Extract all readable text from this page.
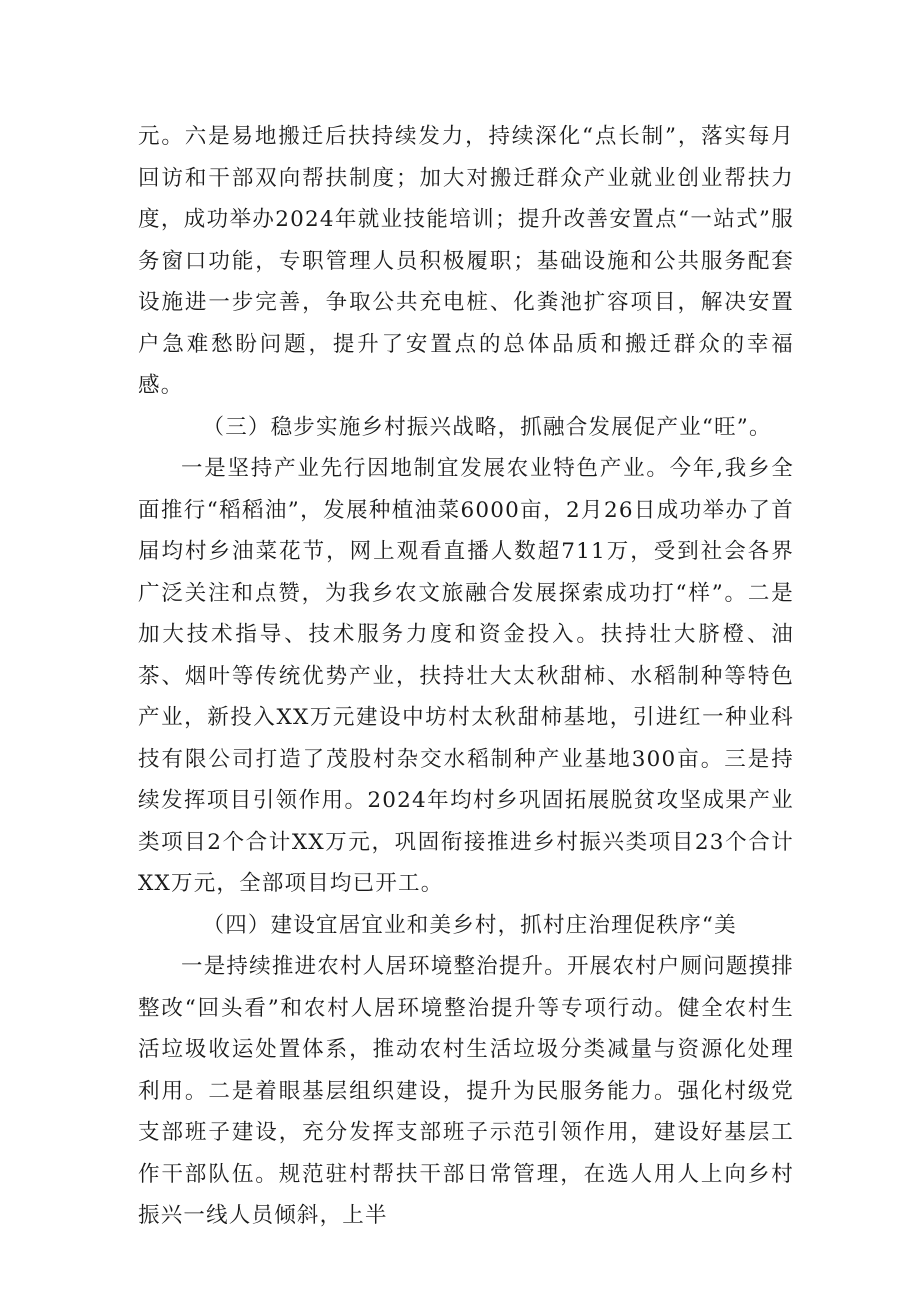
元。六是易地搬迁后扶持续发力，持续深化“点长制”，落实每月回访和干部双向帮扶制度；加大对搬迁群众产业就业创业帮扶力度，成功举办2024年就业技能培训；提升改善安置点“一站式”服务窗口功能，专职管理人员积极履职；基础设施和公共服务配套设施进一步完善，争取公共充电桩、化粪池扩容项目，解决安置户急难愁盼问题，提升了安置点的总体品质和搬迁群众的幸福感。

（三）稳步实施乡村振兴战略，抓融合发展促产业“旺”。

一是坚持产业先行因地制宜发展农业特色产业。今年,我乡全面推行“稻稻油”，发展种植油菜6000亩，2月26日成功举办了首届均村乡油菜花节，网上观看直播人数超711万，受到社会各界广泛关注和点赞，为我乡农文旅融合发展探索成功打“样”。二是加大技术指导、技术服务力度和资金投入。扶持壮大脐橙、油茶、烟叶等传统优势产业，扶持壮大太秋甜柿、水稻制种等特色产业，新投入XX万元建设中坊村太秋甜柿基地，引进红一种业科技有限公司打造了茂股村杂交水稻制种产业基地300亩。三是持续发挥项目引领作用。2024年均村乡巩固拓展脱贫攻坚成果产业类项目2个合计XX万元，巩固衔接推进乡村振兴类项目23个合计XX万元，全部项目均已开工。

（四）建设宜居宜业和美乡村，抓村庄治理促秩序“美

一是持续推进农村人居环境整治提升。开展农村户厕问题摸排整改“回头看”和农村人居环境整治提升等专项行动。健全农村生活垃圾收运处置体系，推动农村生活垃圾分类减量与资源化处理利用。二是着眼基层组织建设，提升为民服务能力。强化村级党支部班子建设，充分发挥支部班子示范引领作用，建设好基层工作干部队伍。规范驻村帮扶干部日常管理，在选人用人上向乡村振兴一线人员倾斜，上半
